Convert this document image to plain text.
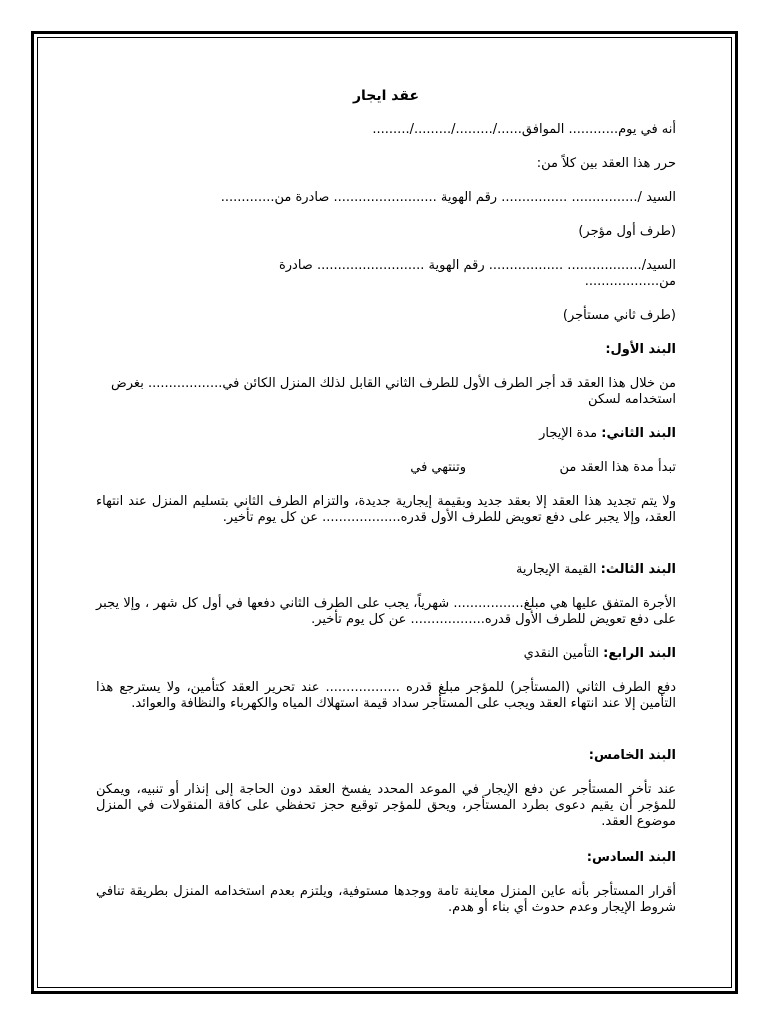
عقد ايجار

أنه في يوم............ الموافق....../........./........./.........

حرر هذا العقد بين كلاً من:

السيد /................ ................ رقم الهوية ......................... صادرة من.............

(طرف أول مؤجر)

السيد/.................. .................. رقم الهوية .......................... صادرة من..................

(طرف ثاني مستأجر)

البند الأول:

من خلال هذا العقد قد أجر الطرف الأول للطرف الثاني القابل لذلك المنزل الكائن في.................. بغرض استخدامه لسكن

البند الثاني: مدة الإيجار

تبدأ مدة هذا العقد من
وتنتهي في

ولا يتم تجديد هذا العقد إلا بعقد جديد وبقيمة إيجارية جديدة، والتزام الطرف الثاني بتسليم المنزل عند انتهاء العقد، وإلا يجبر على دفع تعويض للطرف الأول قدره................... عن كل يوم تأخير.

البند الثالث: القيمة الإيجارية

الأجرة المتفق عليها هي مبلغ................. شهرياً، يجب على الطرف الثاني دفعها في أول كل شهر ، وإلا يجبر على دفع تعويض للطرف الأول قدره.................. عن كل يوم تأخير.

البند الرابع: التأمين النقدي

دفع الطرف الثاني (المستأجر) للمؤجر مبلغ قدره .................. عند تحرير العقد كتأمين، ولا يسترجع هذا التأمين إلا عند انتهاء العقد ويجب على المستأجر سداد قيمة استهلاك المياه والكهرباء والنظافة والعوائد.

البند الخامس:

عند تأخر المستأجر عن دفع الإيجار في الموعد المحدد يفسخ العقد دون الحاجة إلى إنذار أو تنبيه، ويمكن للمؤجر أن يقيم دعوى بطرد المستأجر، ويحق للمؤجر توقيع حجز تحفظي على كافة المنقولات في المنزل موضوع العقد.

البند السادس:

أقرار المستأجر بأنه عاين المنزل معاينة تامة ووجدها مستوفية، ويلتزم بعدم استخدامه المنزل بطريقة تنافي شروط الإيجار وعدم حدوث أي بناء أو هدم.
